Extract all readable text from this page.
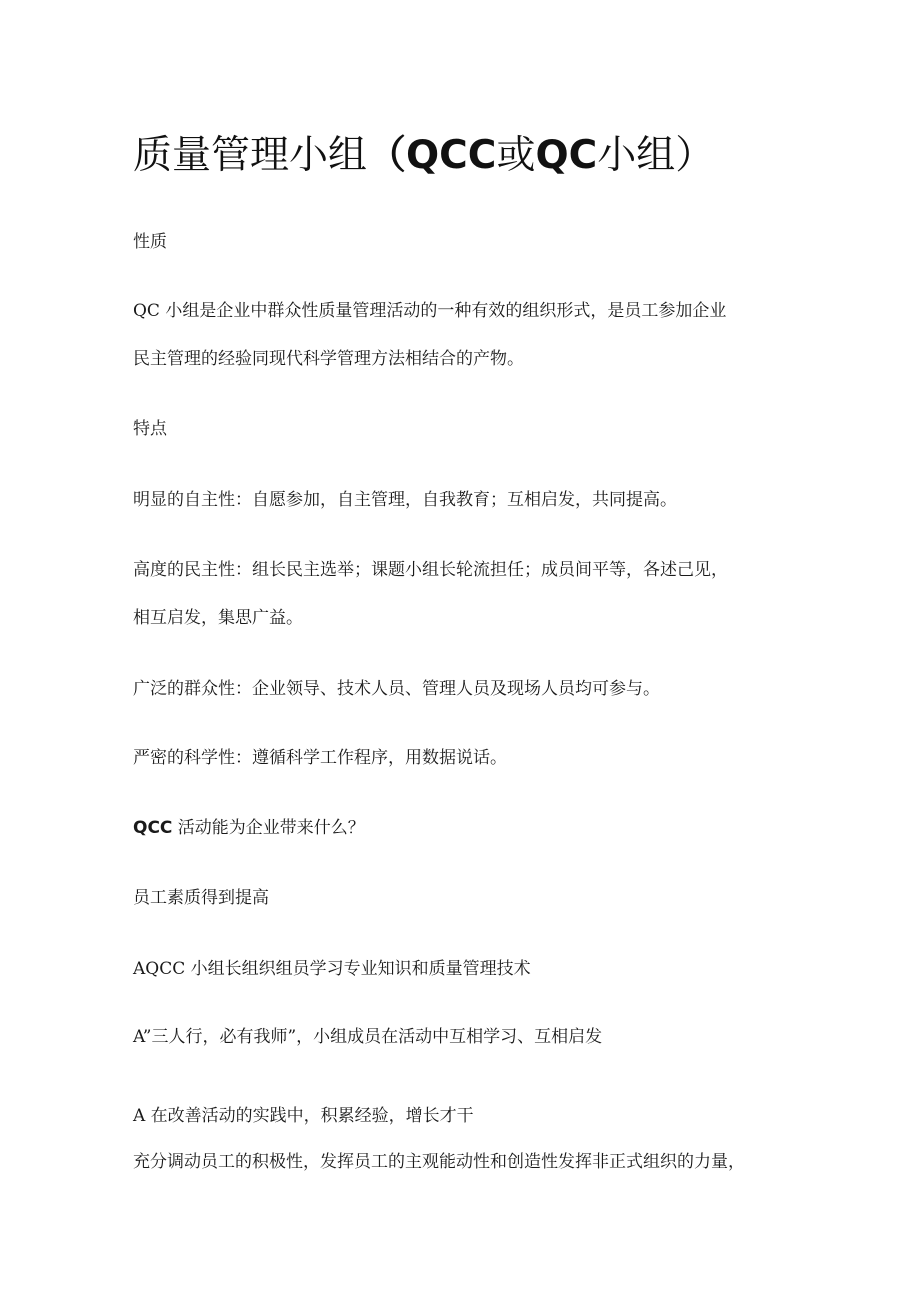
质量管理小组（QCC或QC小组）

性质

QC 小组是企业中群众性质量管理活动的一种有效的组织形式，是员工参加企业

民主管理的经验同现代科学管理方法相结合的产物。

特点

明显的自主性：自愿参加，自主管理，自我教育；互相启发，共同提高。

高度的民主性：组长民主选举；课题小组长轮流担任；成员间平等，各述己见，

相互启发，集思广益。

广泛的群众性：企业领导、技术人员、管理人员及现场人员均可参与。

严密的科学性：遵循科学工作程序，用数据说话。

QCC 活动能为企业带来什么？

员工素质得到提高

AQCC 小组长组织组员学习专业知识和质量管理技术

A”三人行，必有我师”，小组成员在活动中互相学习、互相启发

A 在改善活动的实践中，积累经验，增长才干

充分调动员工的积极性，发挥员工的主观能动性和创造性发挥非正式组织的力量，
